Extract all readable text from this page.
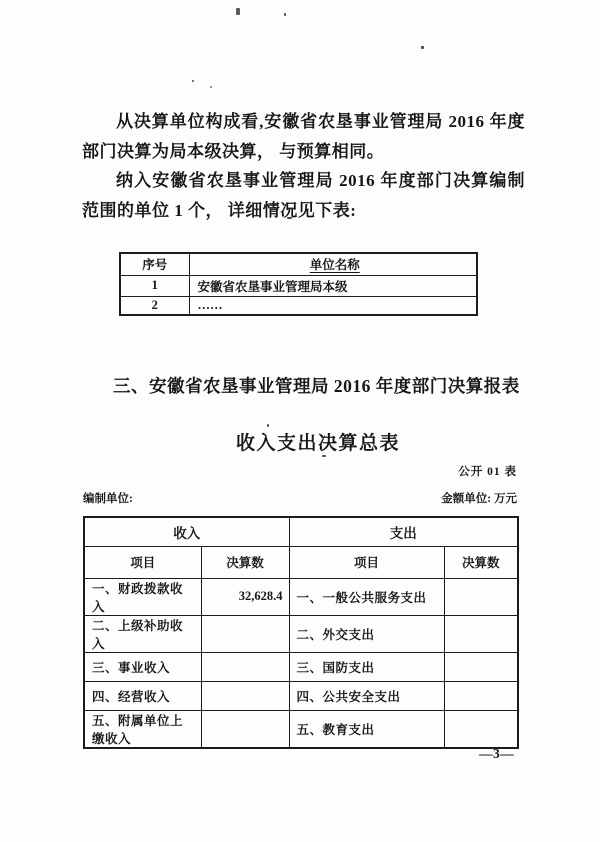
从决算单位构成看,安徽省农垦事业管理局 2016 年度部门决算为局本级决算， 与预算相同。

纳入安徽省农垦事业管理局 2016 年度部门决算编制范围的单位 1 个， 详细情况见下表:

序号	单位名称
1	安徽省农垦事业管理局本级
2	……
三、安徽省农垦事业管理局 2016 年度部门决算报表
收入支出决算总表
公开 01 表
编制单位:	金额单位: 万元
收入		支出	
项目	决算数	项目	决算数
一、财政拨款收入	32,628.4	一、一般公共服务支出	
二、上级补助收入		二、外交支出	
三、事业收入		三、国防支出	
四、经营收入		四、公共安全支出	
五、附属单位上缴收入		五、教育支出	
—3—
